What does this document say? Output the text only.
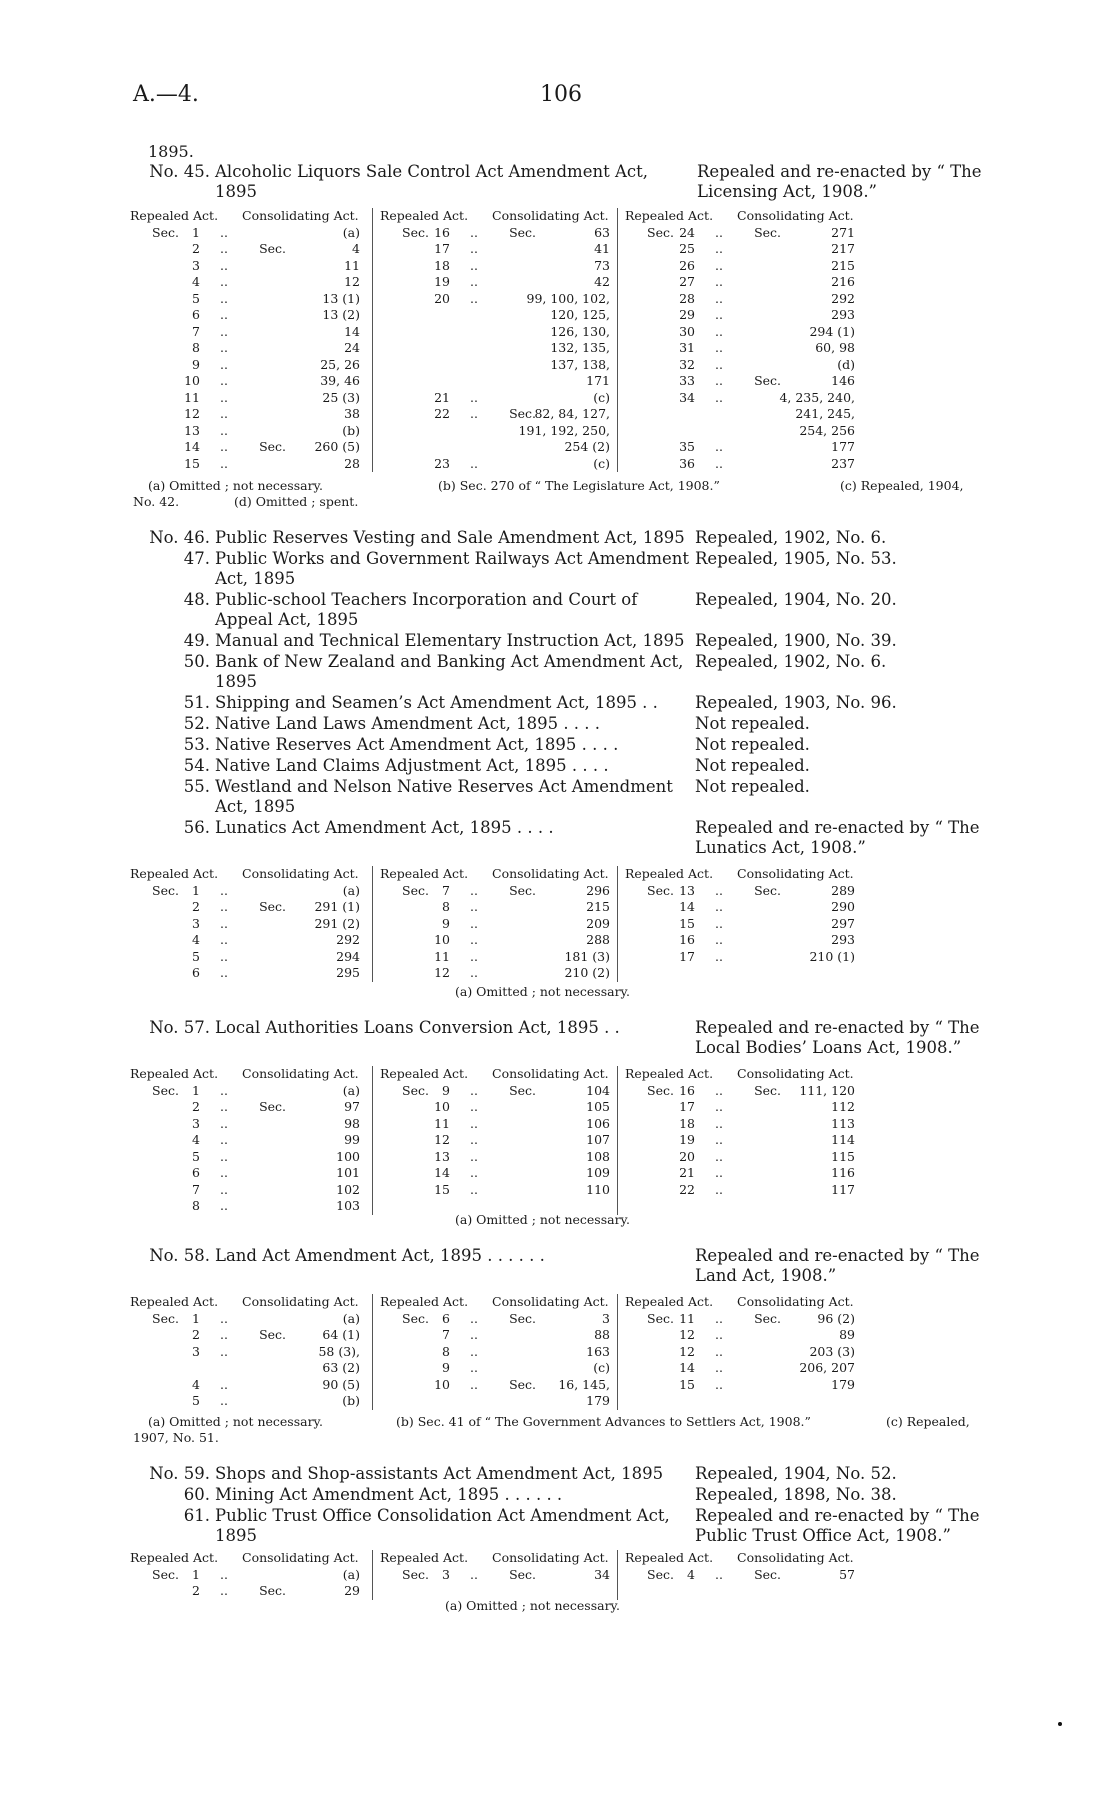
A.—4.	106
1895.
No. 45. Alcoholic Liquors Sale Control Act Amendment Act, 1895
Repealed and re-enacted by “ The Licensing Act, 1908.”
Repealed Act. Consolidating Act.
Sec.	1 ..	(a)
2 ..	Sec.	4
3 ..	11
4 ..	12
5 ..	13 (1)
6 ..	13 (2)
7 ..	14
8 ..	24
9 ..	25, 26
10 ..	39, 46
11 ..	25 (3)
12 ..	38
13 ..	(b)
14 ..	Sec.	260 (5)
15 ..	28
Repealed Act. Consolidating Act.
Sec. 16 ..	Sec.	63
17 ..	41
18 ..	73
19 ..	42
20 ..	99, 100, 102,
120, 125,
126, 130,
132, 135,
137, 138,
171
21 ..	(c)
22 ..	Sec.
82, 84, 127,
191, 192, 250,
254 (2)
23 ..	(c)
Repealed Act. Consolidating Act.
Sec. 24 ..	Sec.	271
25 ..	217
26 ..	215
27 ..	216
28 ..	292
29 ..	293
30 ..	294 (1)
31 ..	60, 98
32 ..	(d)
33 ..	Sec.	146
34 ..	4, 235, 240,
241, 245,
254, 256
35 ..	177
36 ..	237
(a) Omitted ; not necessary.	(b) Sec. 270 of “ The Legislature Act, 1908.”	(c) Repealed, 1904,
No. 42.	(d) Omitted ; spent.
No. 46. Public Reserves Vesting and Sale Amendment Act, 1895 Repealed, 1902, No. 6.
47. Public Works and Government Railways Act Amendment Act, 1895
Repealed, 1905, No. 53.
48. Public-school Teachers Incorporation and Court of Appeal Act, 1895
Repealed, 1904, No. 20.
49. Manual and Technical Elementary Instruction Act, 1895 Repealed, 1900, No. 39.
50. Bank of New Zealand and Banking Act Amendment Act, 1895
Repealed, 1902, No. 6.
51. Shipping and Seamen’s Act Amendment Act, 1895 . .	Repealed, 1903, No. 96.
52. Native Land Laws Amendment Act, 1895 . . . .	Not repealed.
53. Native Reserves Act Amendment Act, 1895 . . . .	Not repealed.
54. Native Land Claims Adjustment Act, 1895 . . . .	Not repealed.
55. Westland and Nelson Native Reserves Act Amendment Act, 1895
Not repealed.
56. Lunatics Act Amendment Act, 1895 . . . .	Repealed and re-enacted by “ The Lunatics Act, 1908.”
Repealed Act. Consolidating Act.
Sec.	1 ..	(a)
2 ..	Sec.	291 (1)
3 ..	291 (2)
4 ..	292
5 ..	294
6 ..	295
Repealed Act. Consolidating Act.
Sec.	7 ..	Sec.	296
8 ..	215
9 ..	209
10 ..	288
11 ..	181 (3)
12 ..	210 (2)
Repealed Act. Consolidating Act.
Sec. 13 ..	Sec.	289
14 ..	290
15 ..	297
16 ..	293
17 ..	210 (1)
(a) Omitted ; not necessary.
No. 57. Local Authorities Loans Conversion Act, 1895 . .	Repealed and re-enacted by “ The Local Bodies’ Loans Act, 1908.”
Repealed Act. Consolidating Act.
Sec.	1 ..	(a)
2 ..	Sec.	97
3 ..	98
4 ..	99
5 ..	100
6 ..	101
7 ..	102
8 ..	103
Repealed Act. Consolidating Act.
Sec.	9 ..	Sec.	104
10 ..	105
11 ..	106
12 ..	107
13 ..	108
14 ..	109
15 ..	110
Repealed Act. Consolidating Act.
Sec. 16 ..	Sec.	111, 120
17 ..	112
18 ..	113
19 ..	114
20 ..	115
21 ..	116
22 ..	117
(a) Omitted ; not necessary.
No. 58. Land Act Amendment Act, 1895 . . . . . .	Repealed and re-enacted by “ The Land Act, 1908.”
Repealed Act. Consolidating Act.
Sec.	1 ..	(a)
2 ..	Sec.	64 (1)
3 ..	58 (3),
63 (2)
4 ..	90 (5)
5 ..	(b)
Repealed Act. Consolidating Act.
Sec.	6 ..	Sec.	3
7 ..	88
8 ..	163
9 ..	(c)
10 ..	Sec.	16, 145,
179
Repealed Act. Consolidating Act.
Sec. 11 ..	Sec.	96 (2)
12 ..	89
12 ..	203 (3)
14 ..	206, 207
15 ..	179
(a) Omitted ; not necessary.	(b) Sec. 41 of “ The Government Advances to Settlers Act, 1908.”	(c) Repealed,
1907, No. 51.
No. 59. Shops and Shop-assistants Act Amendment Act, 1895	Repealed, 1904, No. 52.
60. Mining Act Amendment Act, 1895 . . . . . .	Repealed, 1898, No. 38.
61. Public Trust Office Consolidation Act Amendment Act, 1895
Repealed and re-enacted by “ The Public Trust Office Act, 1908.”
Repealed Act. Consolidating Act.
Sec.	1 ..	(a)
2 ..	Sec.	29
Repealed Act. Consolidating Act.
Sec.	3 ..	Sec.	34
Repealed Act. Consolidating Act.
Sec.	4 ..	Sec.	57
(a) Omitted ; not necessary.
